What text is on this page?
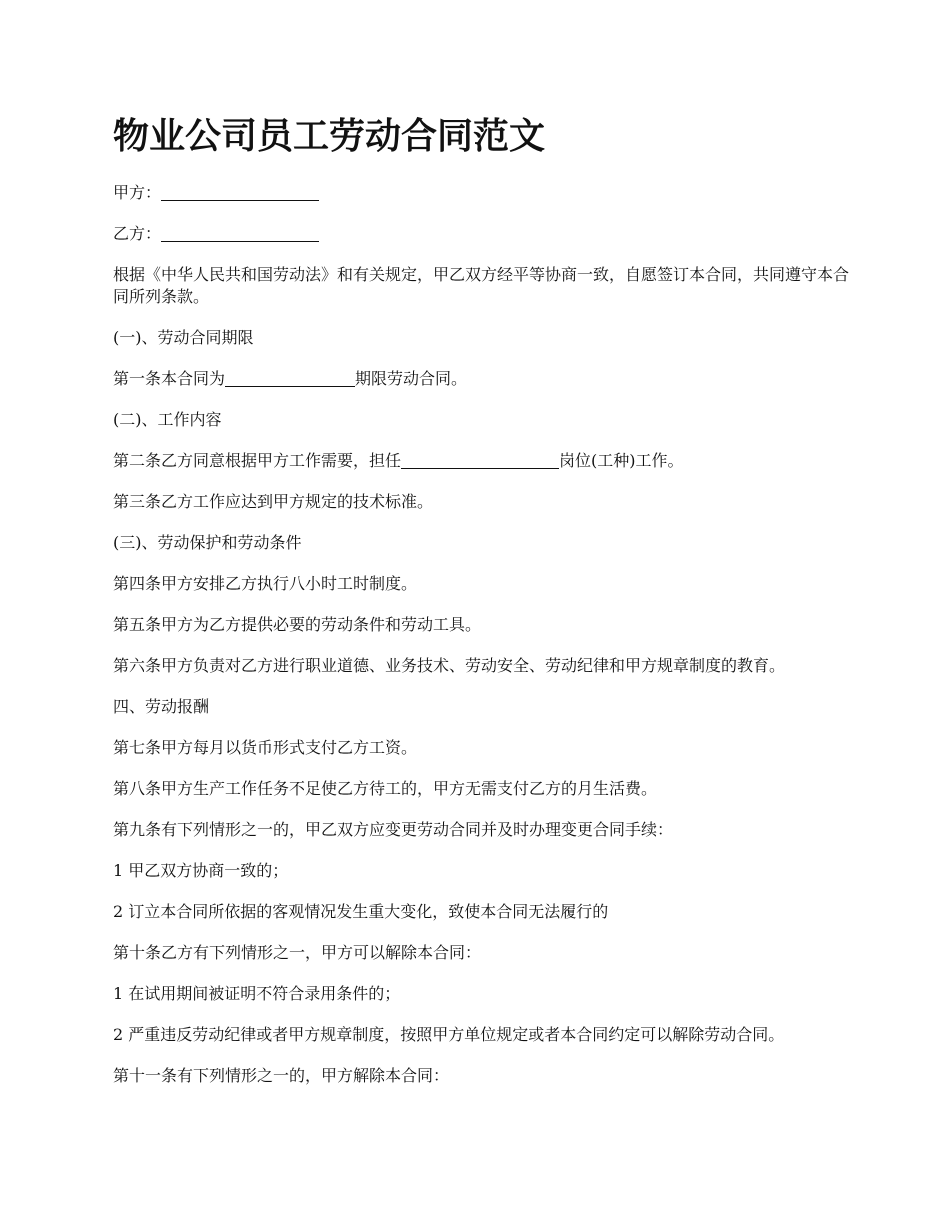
物业公司员工劳动合同范文

甲方：

乙方：

根据《中华人民共和国劳动法》和有关规定，甲乙双方经平等协商一致，自愿签订本合同，共同遵守本合同所列条款。

(一)、劳动合同期限

第一条本合同为	期限劳动合同。

(二)、工作内容

第二条乙方同意根据甲方工作需要，担任	岗位(工种)工作。

第三条乙方工作应达到甲方规定的技术标准。

(三)、劳动保护和劳动条件

第四条甲方安排乙方执行八小时工时制度。

第五条甲方为乙方提供必要的劳动条件和劳动工具。

第六条甲方负责对乙方进行职业道德、业务技术、劳动安全、劳动纪律和甲方规章制度的教育。

四、劳动报酬

第七条甲方每月以货币形式支付乙方工资。

第八条甲方生产工作任务不足使乙方待工的，甲方无需支付乙方的月生活费。

第九条有下列情形之一的，甲乙双方应变更劳动合同并及时办理变更合同手续：

1 甲乙双方协商一致的；

2 订立本合同所依据的客观情况发生重大变化，致使本合同无法履行的

第十条乙方有下列情形之一，甲方可以解除本合同：

1 在试用期间被证明不符合录用条件的；

2 严重违反劳动纪律或者甲方规章制度，按照甲方单位规定或者本合同约定可以解除劳动合同。

第十一条有下列情形之一的，甲方解除本合同：
